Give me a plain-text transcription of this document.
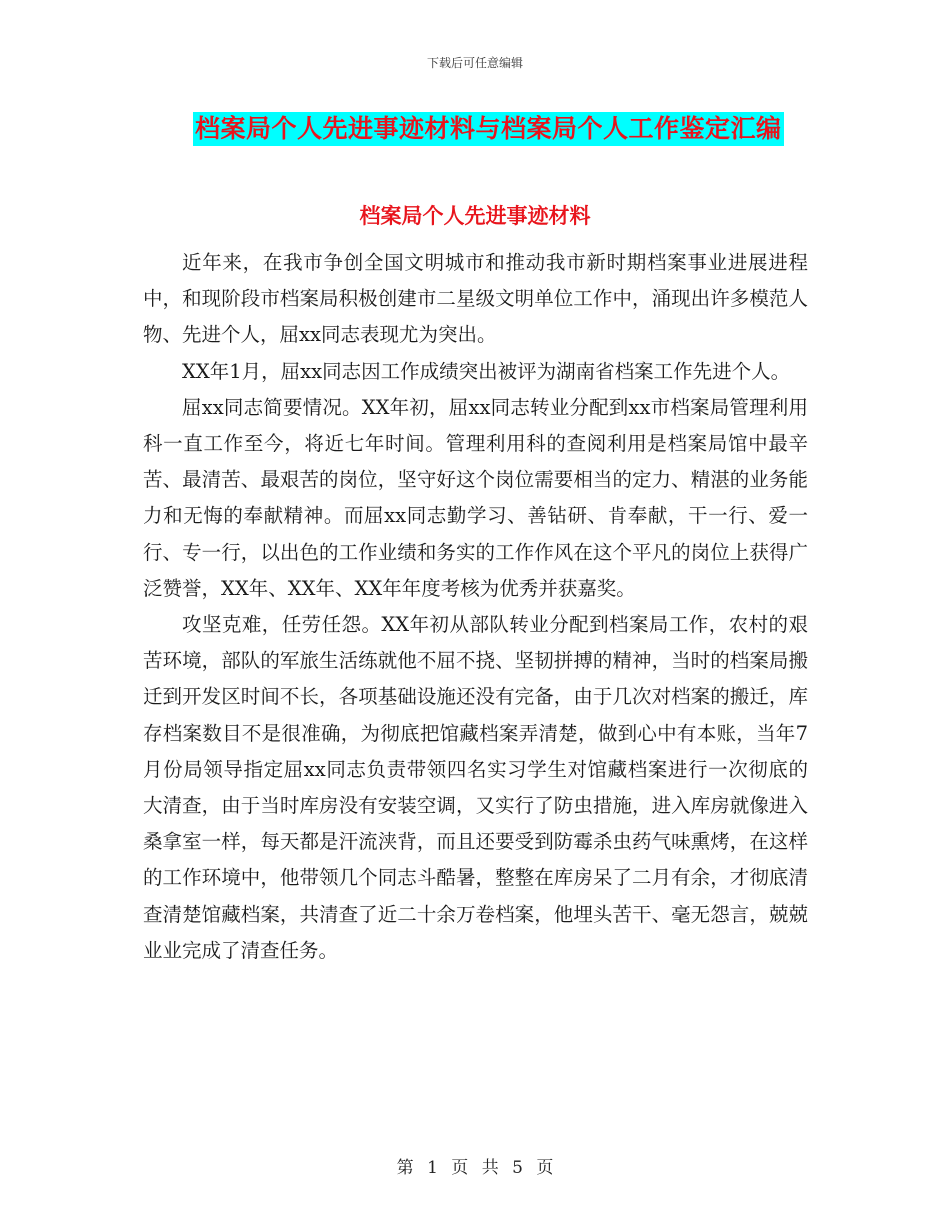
下载后可任意编辑
档案局个人先进事迹材料与档案局个人工作鉴定汇编
档案局个人先进事迹材料

近年来，在我市争创全国文明城市和推动我市新时期档案事业进展进程中，和现阶段市档案局积极创建市二星级文明单位工作中，涌现出许多模范人物、先进个人，屈xx同志表现尤为突出。

XX年1月，屈xx同志因工作成绩突出被评为湖南省档案工作先进个人。

屈xx同志简要情况。XX年初，屈xx同志转业分配到xx市档案局管理利用科一直工作至今，将近七年时间。管理利用科的查阅利用是档案局馆中最辛苦、最清苦、最艰苦的岗位，坚守好这个岗位需要相当的定力、精湛的业务能力和无悔的奉献精神。而屈xx同志勤学习、善钻研、肯奉献，干一行、爱一行、专一行，以出色的工作业绩和务实的工作作风在这个平凡的岗位上获得广泛赞誉，XX年、XX年、XX年年度考核为优秀并获嘉奖。

攻坚克难，任劳任怨。XX年初从部队转业分配到档案局工作，农村的艰苦环境，部队的军旅生活练就他不屈不挠、坚韧拼搏的精神，当时的档案局搬迁到开发区时间不长，各项基础设施还没有完备，由于几次对档案的搬迁，库存档案数目不是很准确，为彻底把馆藏档案弄清楚，做到心中有本账，当年7月份局领导指定屈xx同志负责带领四名实习学生对馆藏档案进行一次彻底的大清查，由于当时库房没有安装空调，又实行了防虫措施，进入库房就像进入桑拿室一样，每天都是汗流浃背，而且还要受到防霉杀虫药气味熏烤，在这样的工作环境中，他带领几个同志斗酷暑，整整在库房呆了二月有余，才彻底清查清楚馆藏档案，共清查了近二十余万卷档案，他埋头苦干、毫无怨言，兢兢业业完成了清查任务。

第 1 页 共 5 页
